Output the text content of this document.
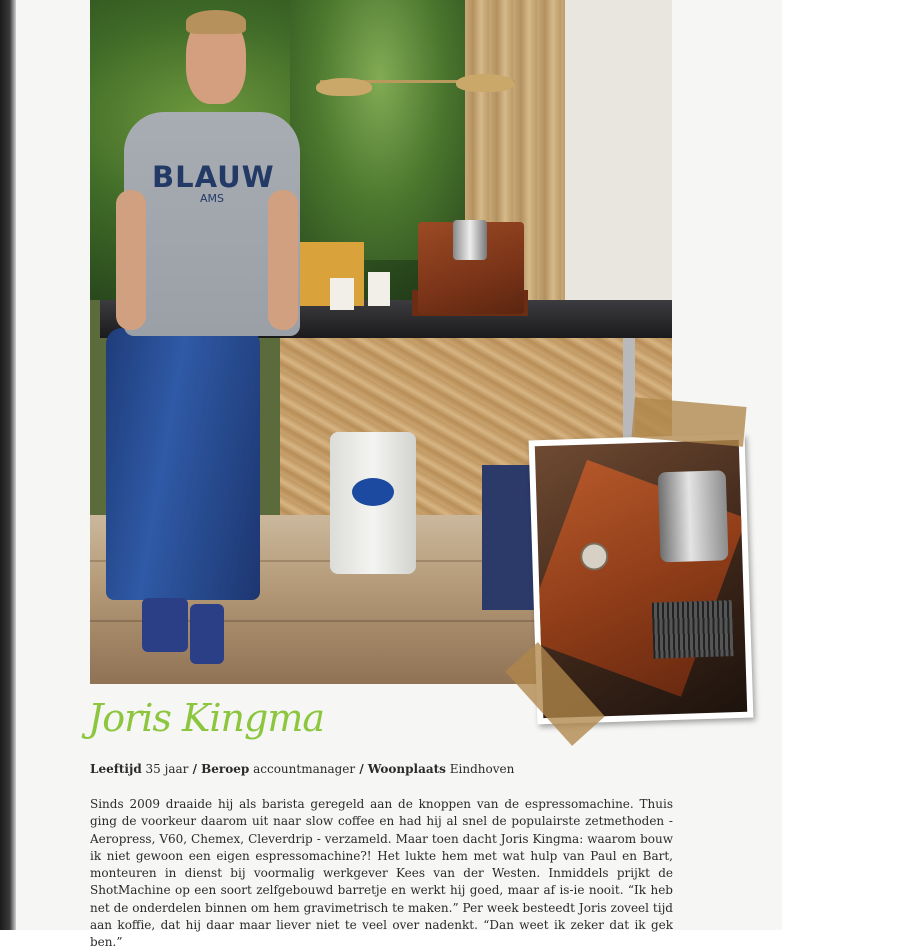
BLAUW
AMS
Joris Kingma
Leeftijd 35 jaar / Beroep accountmanager / Woonplaats Eindhoven
Sinds 2009 draaide hij als barista geregeld aan de knoppen van de espressomachine. Thuis ging de voorkeur daarom uit naar slow coffee en had hij al snel de populairste zetmethoden - Aeropress, V60, Chemex, Cleverdrip - verzameld. Maar toen dacht Joris Kingma: waarom bouw ik niet gewoon een eigen espressomachine?! Het lukte hem met wat hulp van Paul en Bart, monteuren in dienst bij voormalig werkgever Kees van der Westen. Inmiddels prijkt de ShotMachine op een soort zelfgebouwd barretje en werkt hij goed, maar af is-ie nooit. “Ik heb net de onderdelen binnen om hem gravimetrisch te maken.” Per week besteedt Joris zoveel tijd aan koffie, dat hij daar maar liever niet te veel over nadenkt. “Dan weet ik zeker dat ik gek ben.”
